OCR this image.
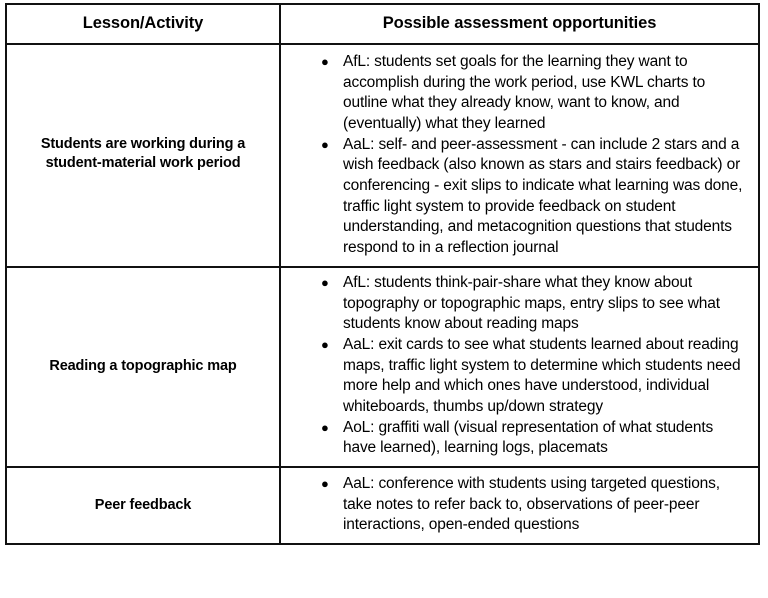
Lesson/Activity	Possible assessment opportunities
Students are working during a student-material work period	
● AfL: students set goals for the learning they want to accomplish during the work period, use KWL charts to outline what they already know, want to know, and (eventually) what they learned
● AaL: self- and peer-assessment - can include 2 stars and a wish feedback (also known as stars and stairs feedback) or conferencing - exit slips to indicate what learning was done, traffic light system to provide feedback on student understanding, and metacognition questions that students respond to in a reflection journal

Reading a topographic map	
● AfL: students think-pair-share what they know about topography or topographic maps, entry slips to see what students know about reading maps
● AaL: exit cards to see what students learned about reading maps, traffic light system to determine which students need more help and which ones have understood, individual whiteboards, thumbs up/down strategy
● AoL: graffiti wall (visual representation of what students have learned), learning logs, placemats

Peer feedback	
● AaL: conference with students using targeted questions, take notes to refer back to, observations of peer-peer interactions, open-ended questions
